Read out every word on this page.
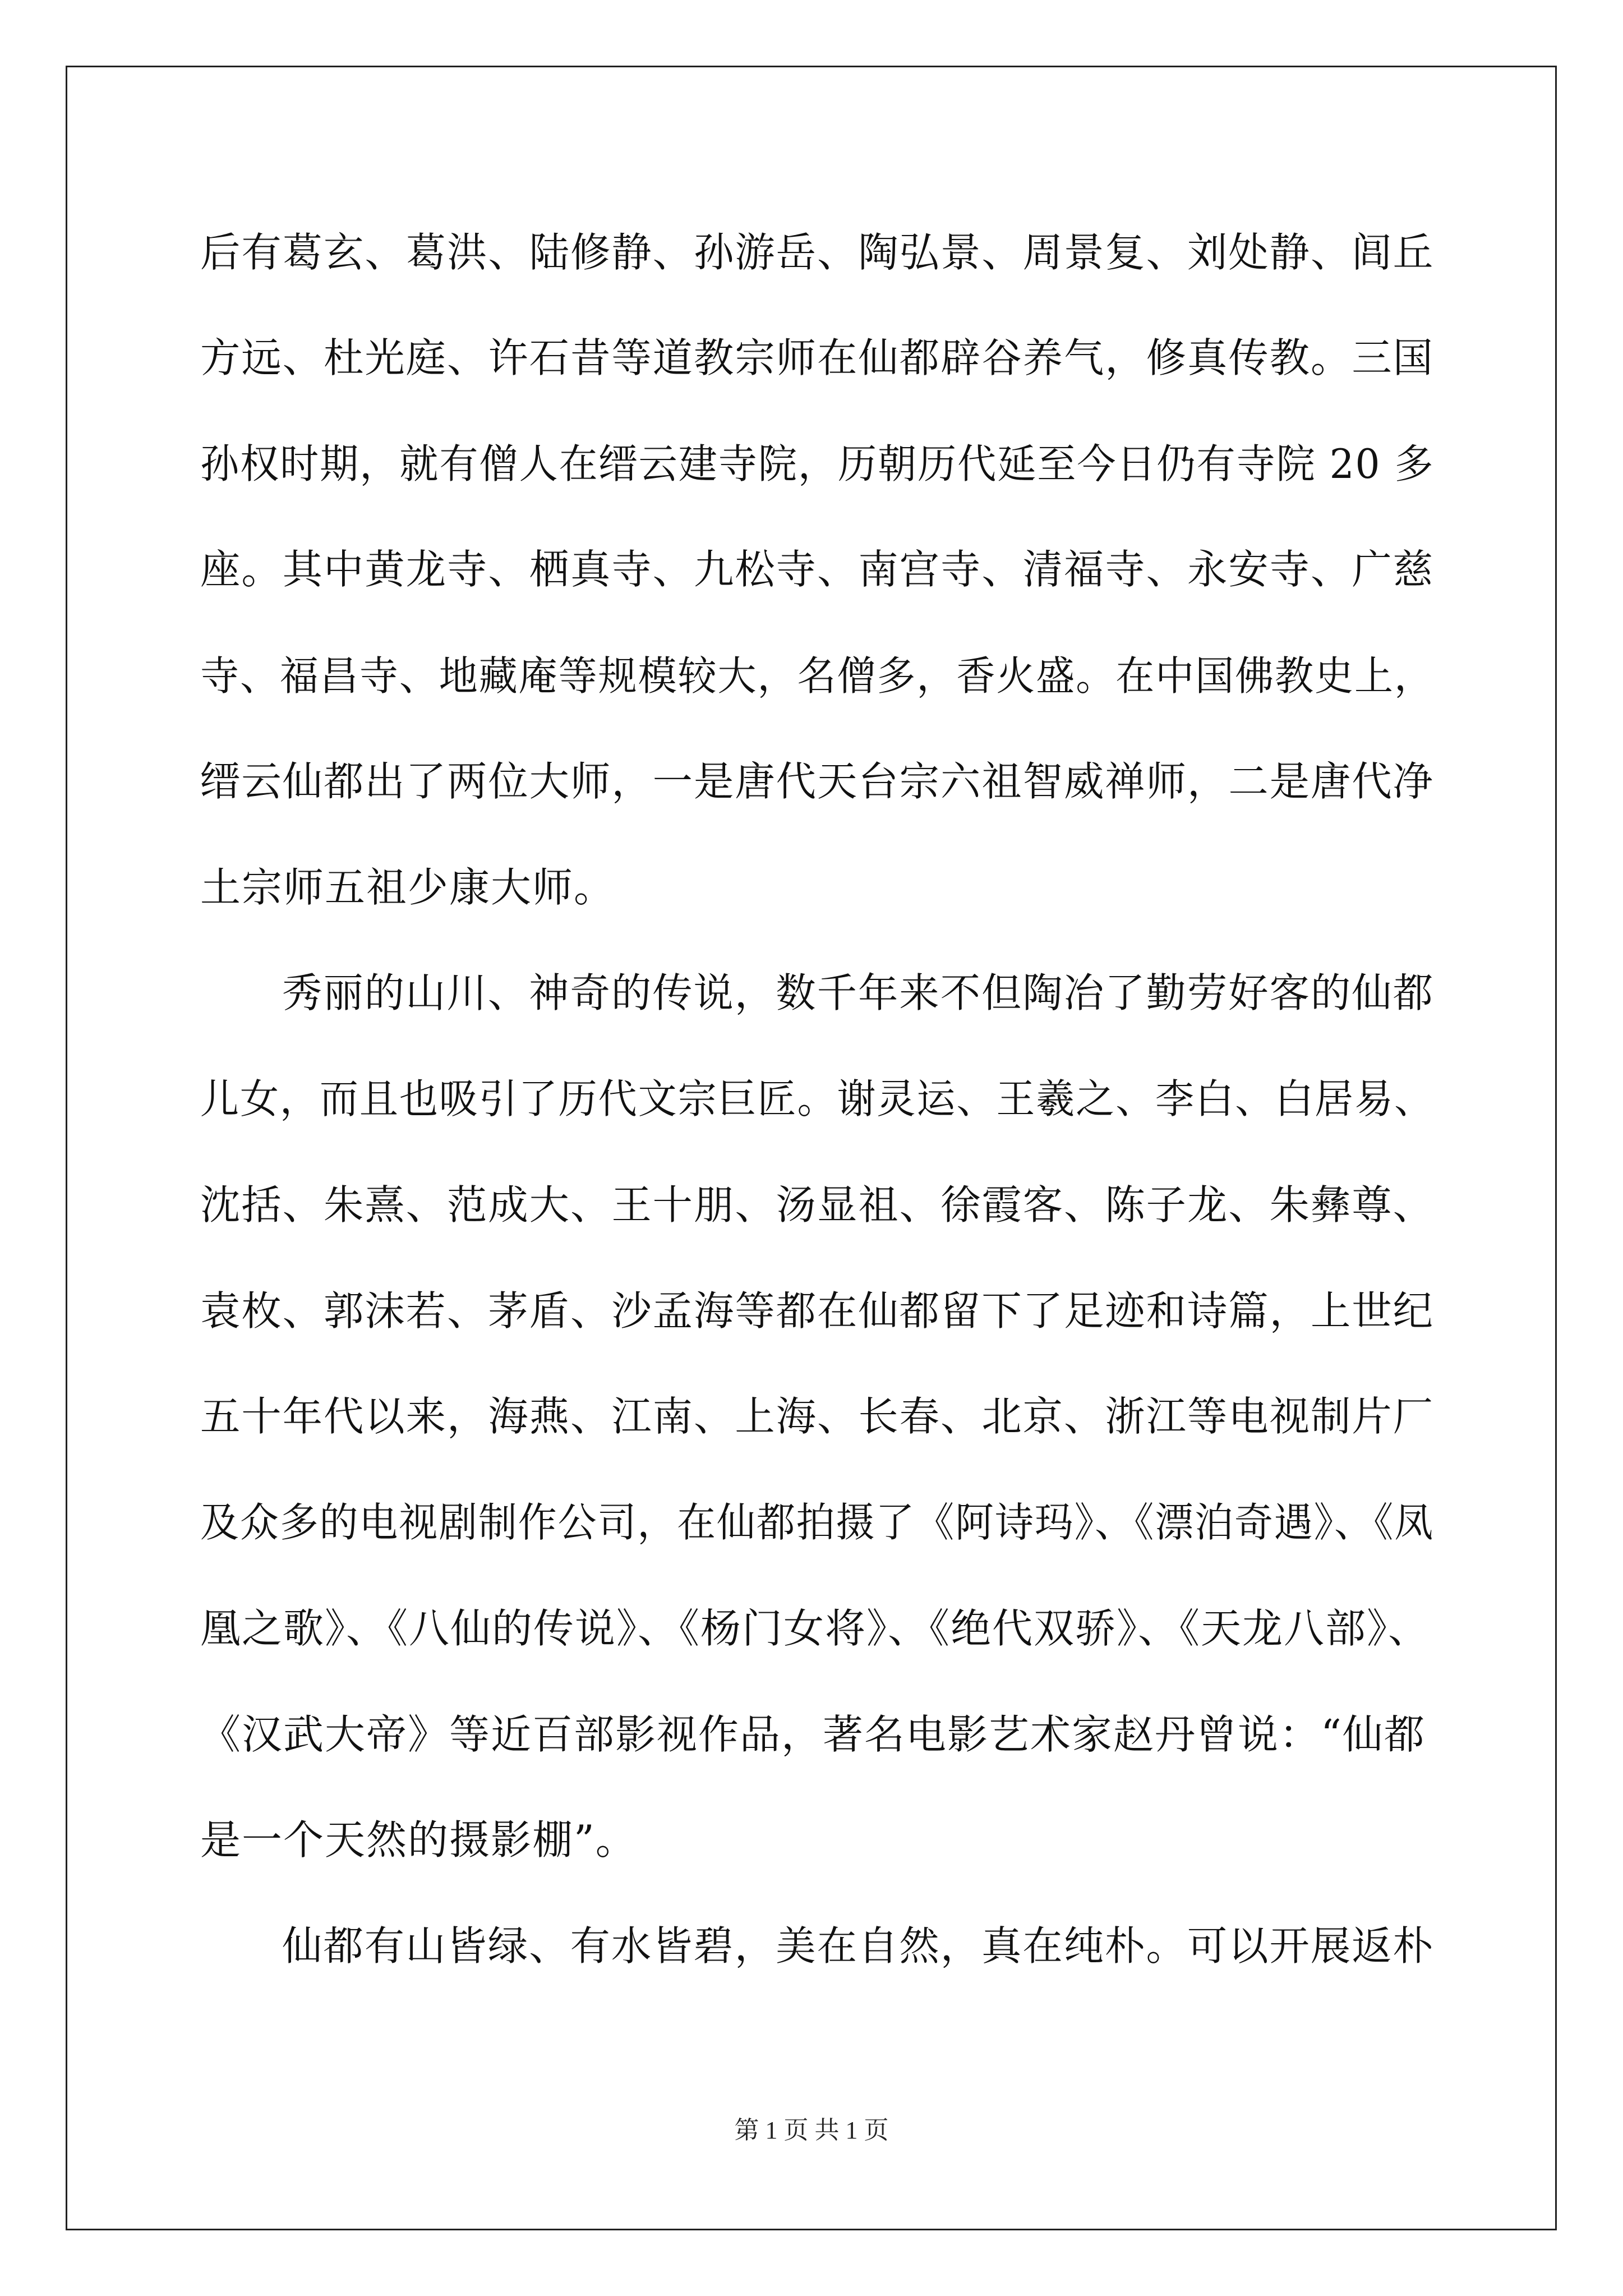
后有葛玄、葛洪、陆修静、孙游岳、陶弘景、周景复、刘处静、闾丘
方远、杜光庭、许石昔等道教宗师在仙都辟谷养气，修真传教。三国
孙权时期，就有僧人在缙云建寺院，历朝历代延至今日仍有寺院 20 多
座。其中黄龙寺、栖真寺、九松寺、南宫寺、清福寺、永安寺、广慈
寺、福昌寺、地藏庵等规模较大，名僧多，香火盛。在中国佛教史上，
缙云仙都出了两位大师，一是唐代天台宗六祖智威禅师，二是唐代净
土宗师五祖少康大师。
秀丽的山川、神奇的传说，数千年来不但陶冶了勤劳好客的仙都
儿女，而且也吸引了历代文宗巨匠。谢灵运、王羲之、李白、白居易、
沈括、朱熹、范成大、王十朋、汤显祖、徐霞客、陈子龙、朱彝尊、
袁枚、郭沫若、茅盾、沙孟海等都在仙都留下了足迹和诗篇，上世纪
五十年代以来，海燕、江南、上海、长春、北京、浙江等电视制片厂
及众多的电视剧制作公司，在仙都拍摄了《阿诗玛》、《漂泊奇遇》、《凤
凰之歌》、《八仙的传说》、《杨门女将》、《绝代双骄》、《天龙八部》、
《汉武大帝》等近百部影视作品，著名电影艺术家赵丹曾说：“仙都
是一个天然的摄影棚”。
仙都有山皆绿、有水皆碧，美在自然，真在纯朴。可以开展返朴
第 1 页 共 1 页
